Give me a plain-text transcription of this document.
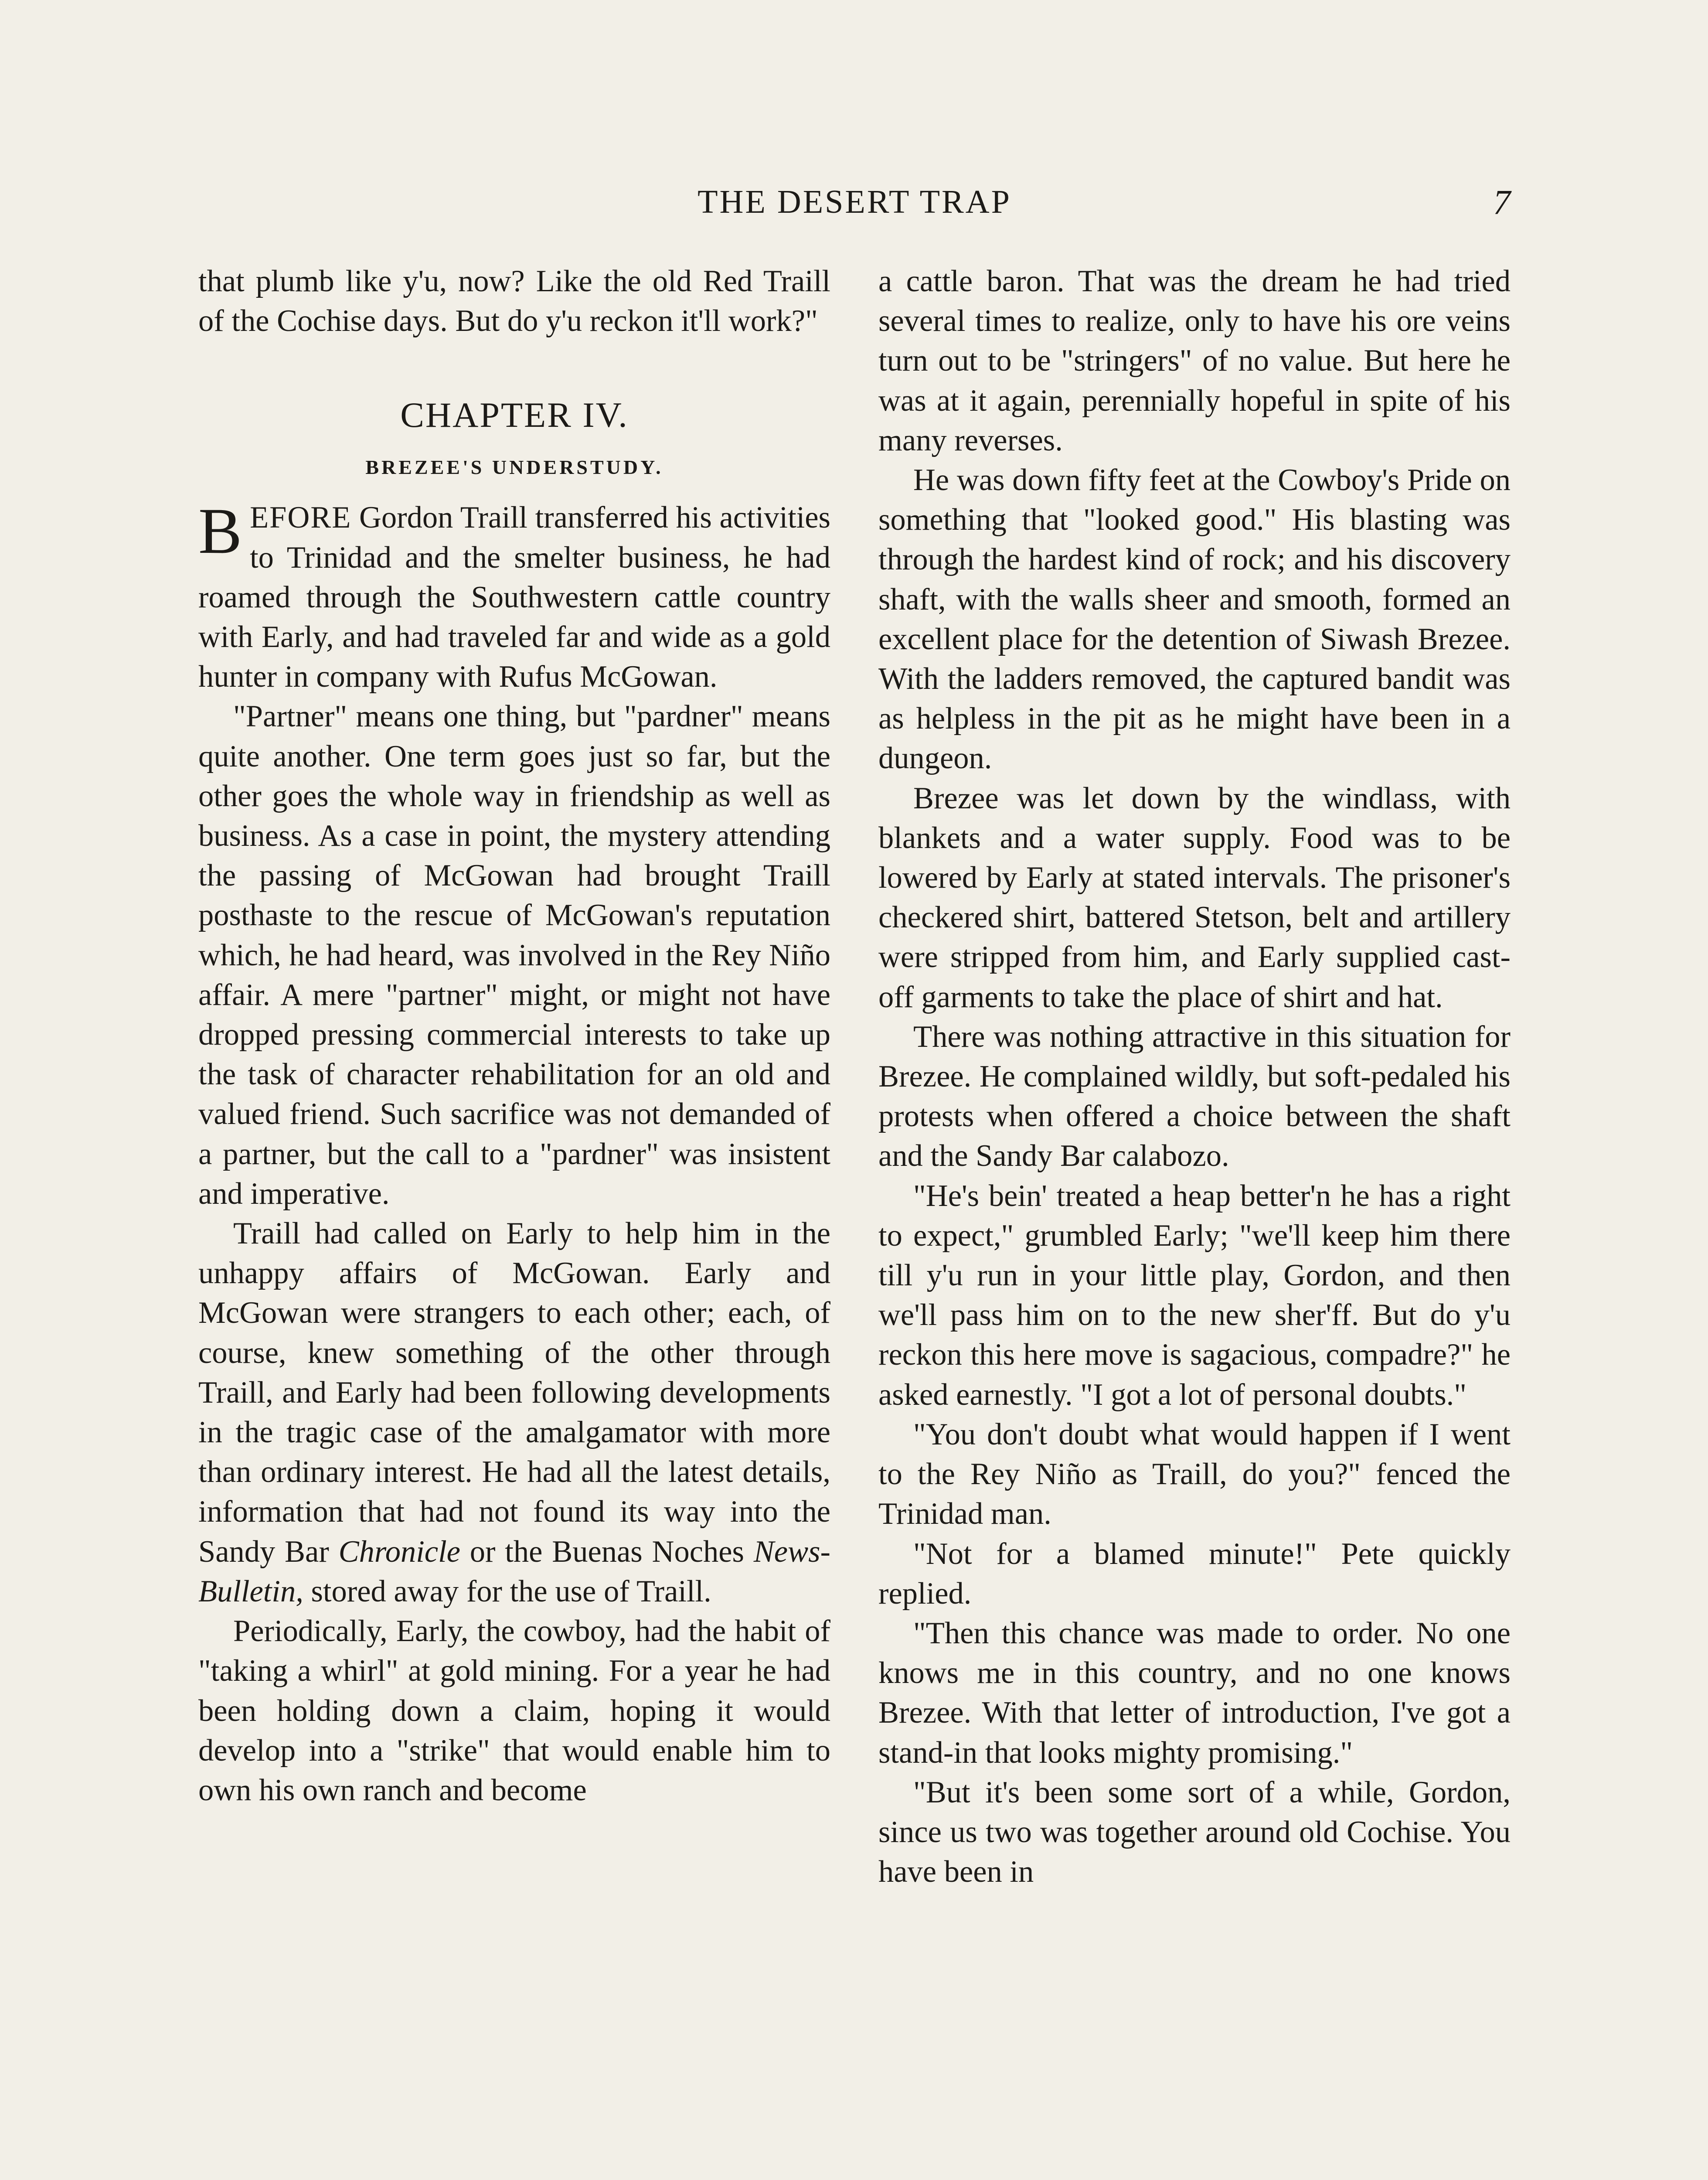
THE DESERT TRAP	7

that plumb like y'u, now? Like the old Red Traill of the Cochise days. But do y'u reckon it'll work?"

CHAPTER IV.
BREZEE'S UNDERSTUDY.

BEFORE Gordon Traill transferred his activities to Trinidad and the smelter business, he had roamed through the Southwestern cattle country with Early, and had traveled far and wide as a gold hunter in company with Rufus McGowan.

"Partner" means one thing, but "pardner" means quite another. One term goes just so far, but the other goes the whole way in friendship as well as business. As a case in point, the mystery attending the passing of McGowan had brought Traill posthaste to the rescue of McGowan's reputation which, he had heard, was involved in the Rey Niño affair. A mere "partner" might, or might not have dropped pressing commercial interests to take up the task of character rehabilitation for an old and valued friend. Such sacrifice was not demanded of a partner, but the call to a "pardner" was insistent and imperative.

Traill had called on Early to help him in the unhappy affairs of McGowan. Early and McGowan were strangers to each other; each, of course, knew something of the other through Traill, and Early had been following developments in the tragic case of the amalgamator with more than ordinary interest. He had all the latest details, information that had not found its way into the Sandy Bar Chronicle or the Buenas Noches News-Bulletin, stored away for the use of Traill.

Periodically, Early, the cowboy, had the habit of "taking a whirl" at gold mining. For a year he had been holding down a claim, hoping it would develop into a "strike" that would enable him to own his own ranch and become

a cattle baron. That was the dream he had tried several times to realize, only to have his ore veins turn out to be "stringers" of no value. But here he was at it again, perennially hopeful in spite of his many reverses.

He was down fifty feet at the Cowboy's Pride on something that "looked good." His blasting was through the hardest kind of rock; and his discovery shaft, with the walls sheer and smooth, formed an excellent place for the detention of Siwash Brezee. With the ladders removed, the captured bandit was as helpless in the pit as he might have been in a dungeon.

Brezee was let down by the windlass, with blankets and a water supply. Food was to be lowered by Early at stated intervals. The prisoner's checkered shirt, battered Stetson, belt and artillery were stripped from him, and Early supplied cast-off garments to take the place of shirt and hat.

There was nothing attractive in this situation for Brezee. He complained wildly, but soft-pedaled his protests when offered a choice between the shaft and the Sandy Bar calabozo.

"He's bein' treated a heap better'n he has a right to expect," grumbled Early; "we'll keep him there till y'u run in your little play, Gordon, and then we'll pass him on to the new sher'ff. But do y'u reckon this here move is sagacious, compadre?" he asked earnestly. "I got a lot of personal doubts."

"You don't doubt what would happen if I went to the Rey Niño as Traill, do you?" fenced the Trinidad man.

"Not for a blamed minute!" Pete quickly replied.

"Then this chance was made to order. No one knows me in this country, and no one knows Brezee. With that letter of introduction, I've got a stand-in that looks mighty promising."

"But it's been some sort of a while, Gordon, since us two was together around old Cochise. You have been in
